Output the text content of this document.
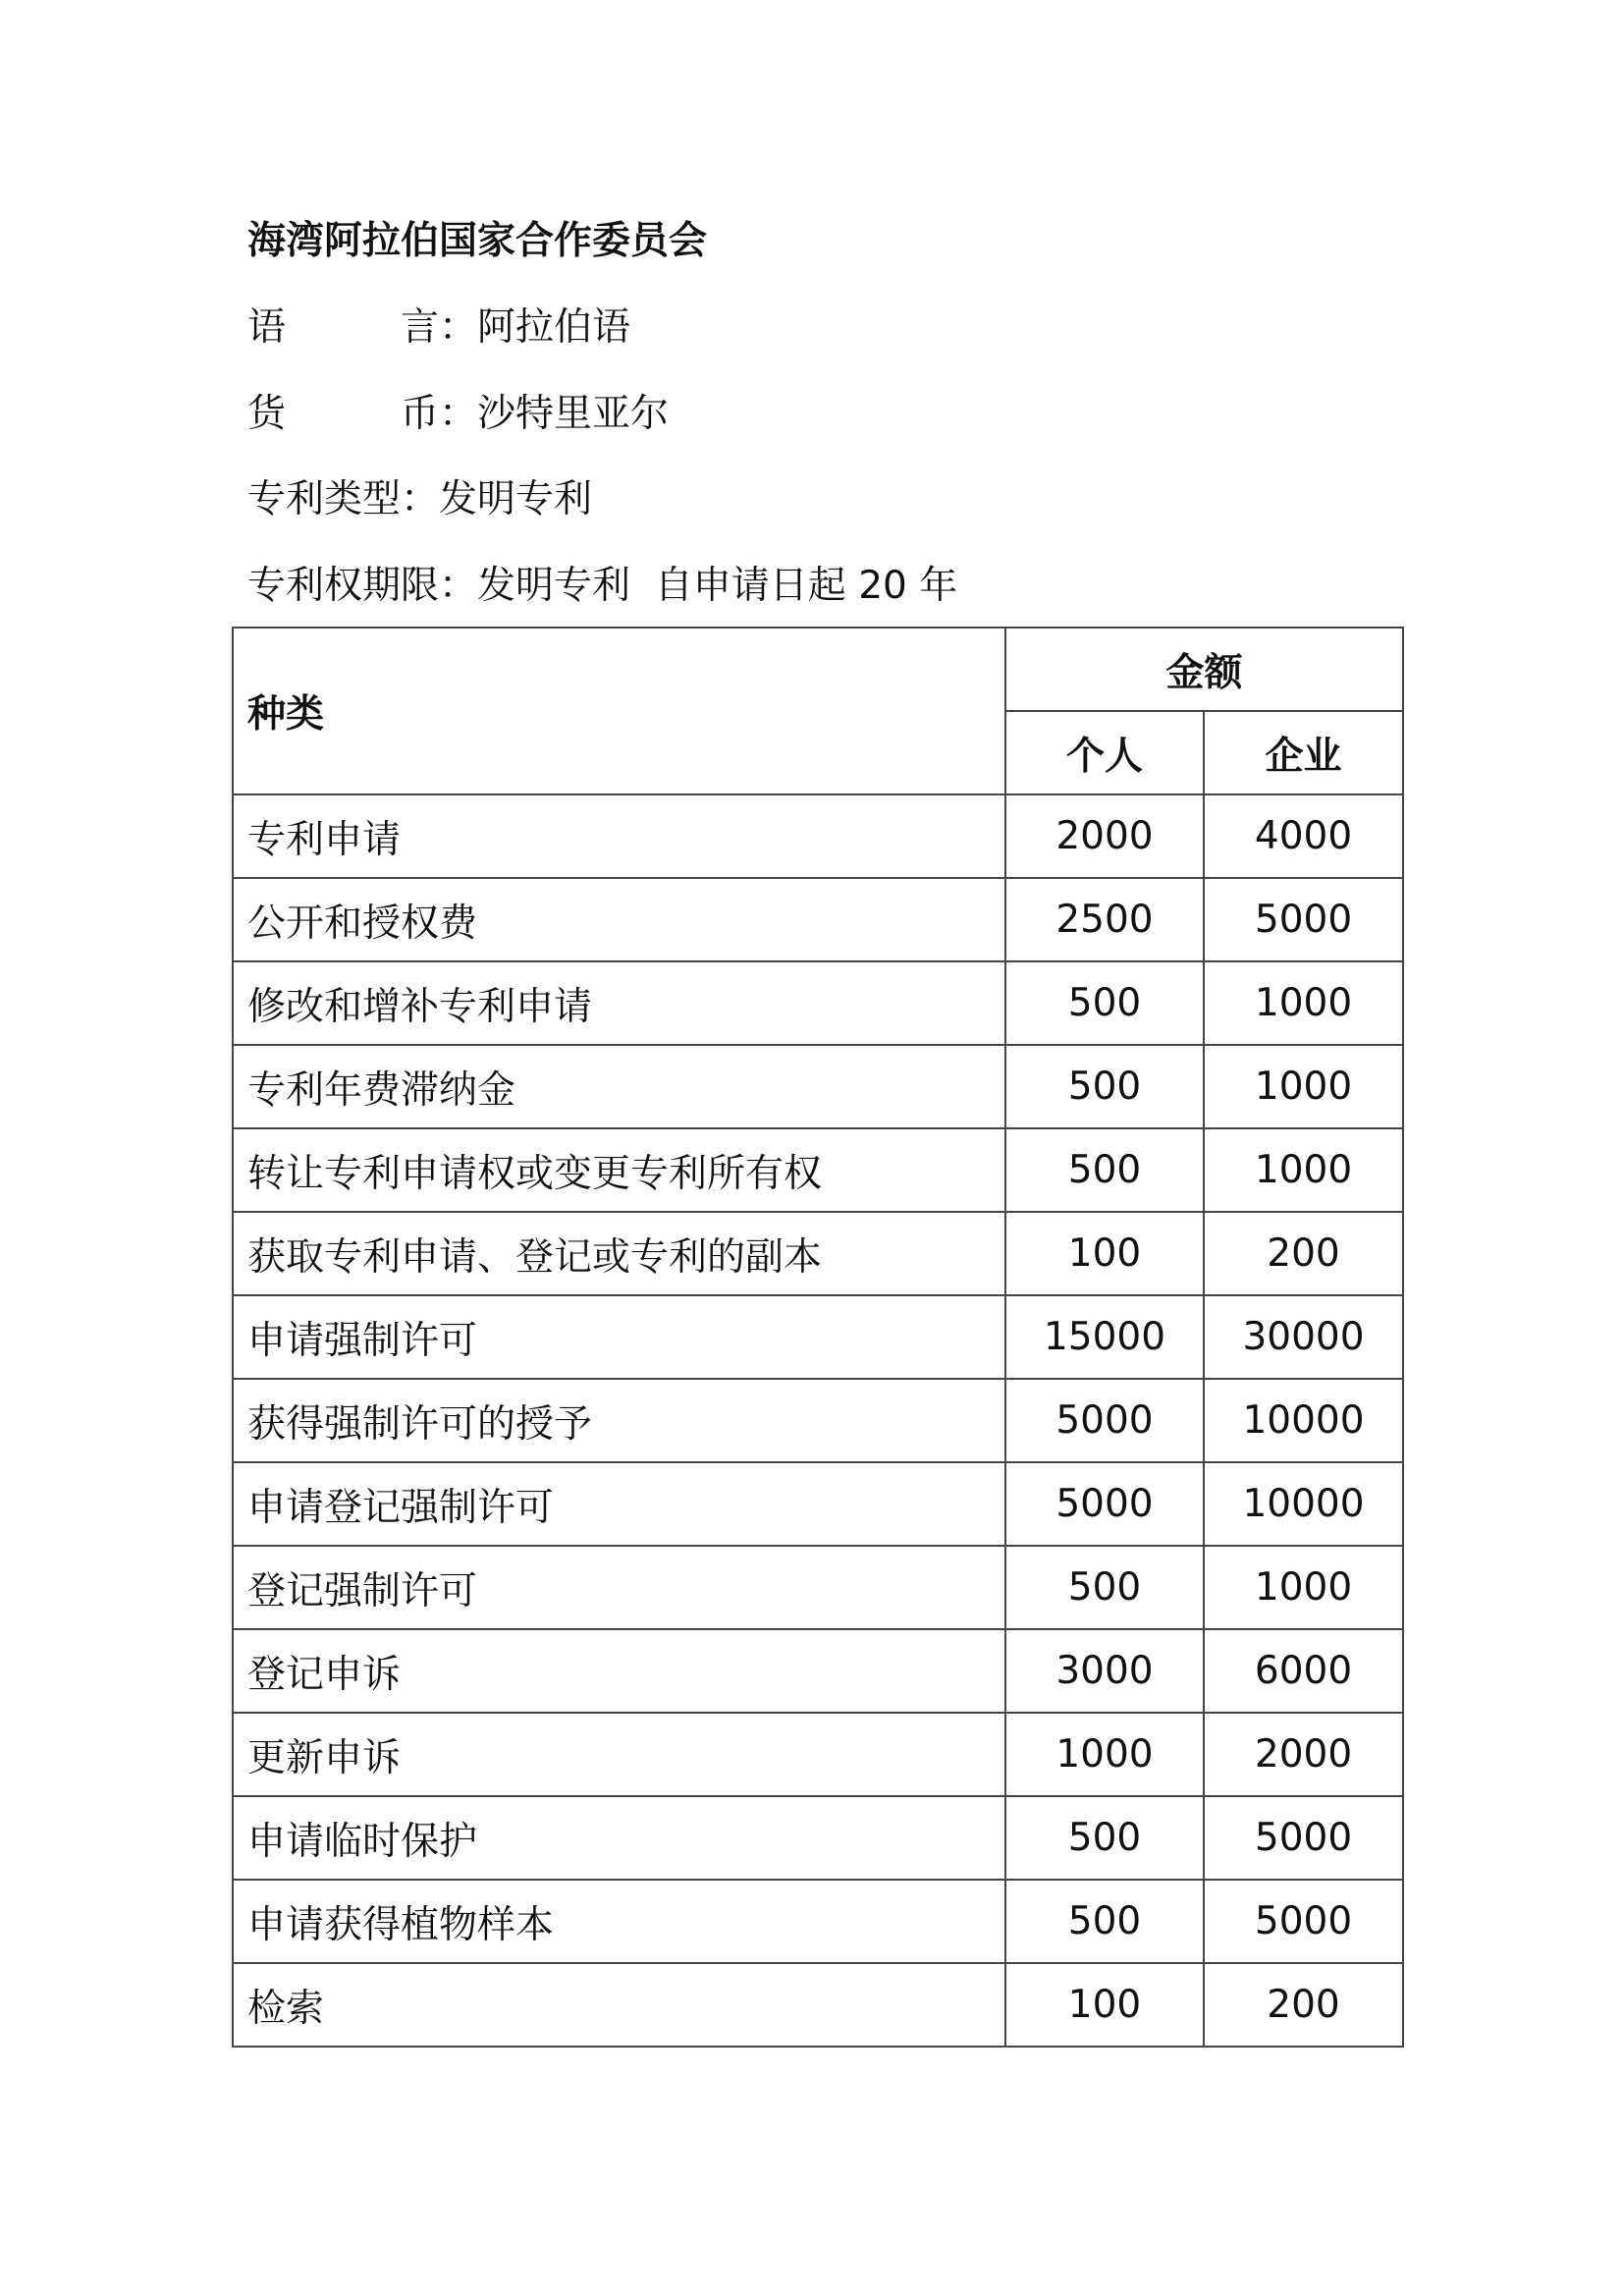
海湾阿拉伯国家合作委员会
语	言 ：阿拉伯语
货	币 ：沙特里亚尔
专利类型：发明专利
专利权期限：发明专利  自申请日起 20 年
种类	金额	
	个人	企业
专利申请	2000	4000
公开和授权费	2500	5000
修改和增补专利申请	500	1000
专利年费滞纳金	500	1000
转让专利申请权或变更专利所有权	500	1000
获取专利申请、登记或专利的副本	100	200
申请强制许可	15000	30000
获得强制许可的授予	5000	10000
申请登记强制许可	5000	10000
登记强制许可	500	1000
登记申诉	3000	6000
更新申诉	1000	2000
申请临时保护	500	5000
申请获得植物样本	500	5000
检索	100	200
